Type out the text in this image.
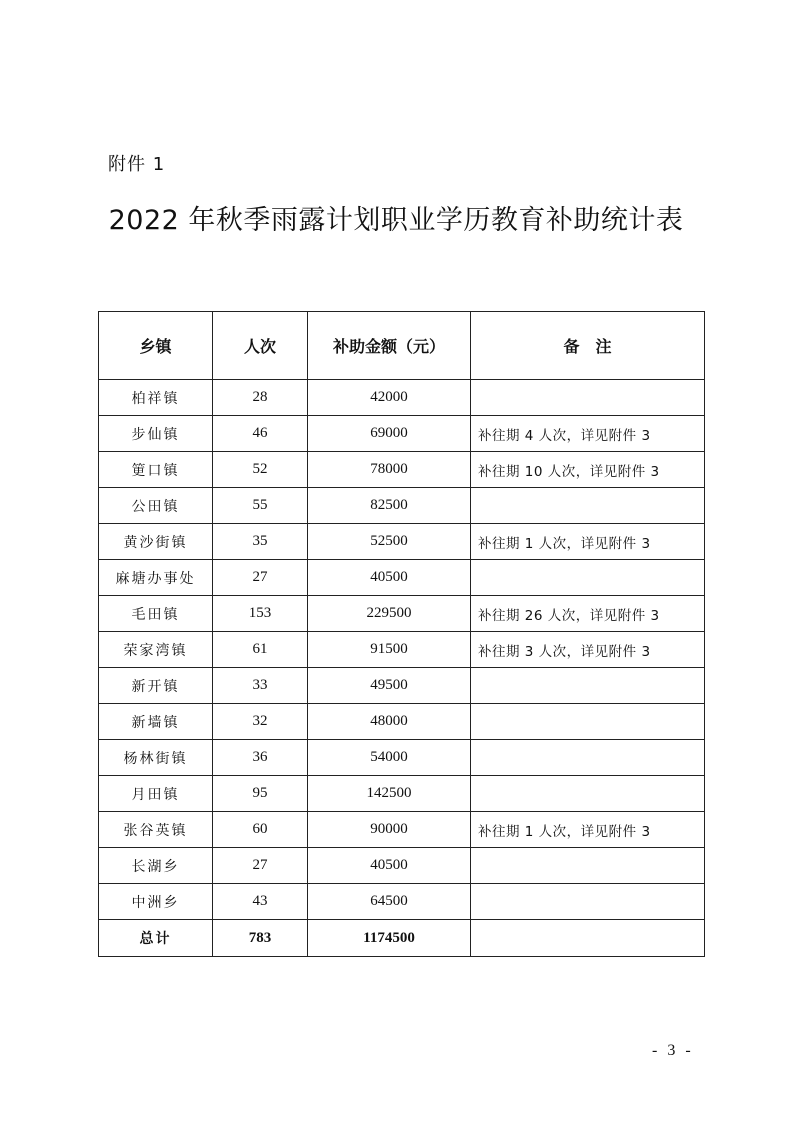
附件 1
2022 年秋季雨露计划职业学历教育补助统计表
乡镇	人次	补助金额（元）	备　注
柏祥镇	28	42000	
步仙镇	46	69000	补往期 4 人次，详见附件 3
筻口镇	52	78000	补往期 10 人次，详见附件 3
公田镇	55	82500	
黄沙街镇	35	52500	补往期 1 人次，详见附件 3
麻塘办事处	27	40500	
毛田镇	153	229500	补往期 26 人次，详见附件 3
荣家湾镇	61	91500	补往期 3 人次，详见附件 3
新开镇	33	49500	
新墙镇	32	48000	
杨林街镇	36	54000	
月田镇	95	142500	
张谷英镇	60	90000	补往期 1 人次，详见附件 3
长湖乡	27	40500	
中洲乡	43	64500	
总计	783	1174500	
- 3 -
